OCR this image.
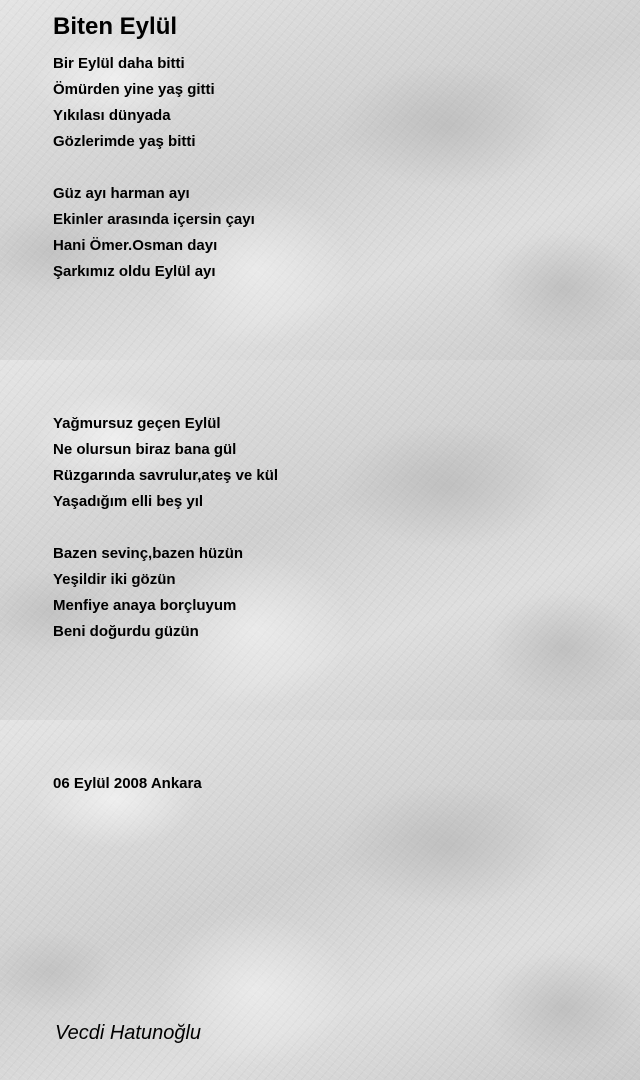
Biten Eylül
Bir Eylül daha bitti
Ömürden yine yaş gitti
Yıkılası dünyada
Gözlerimde yaş bitti
Güz ayı harman ayı
Ekinler arasında içersin çayı
Hani Ömer.Osman dayı
Şarkımız oldu Eylül ayı
Yağmursuz geçen Eylül
Ne olursun biraz bana gül
Rüzgarında savrulur,ateş ve kül
Yaşadığım elli beş yıl
Bazen sevinç,bazen hüzün
Yeşildir iki gözün
Menfiye anaya borçluyum
Beni doğurdu güzün

06 Eylül 2008 Ankara

Vecdi Hatunoğlu
